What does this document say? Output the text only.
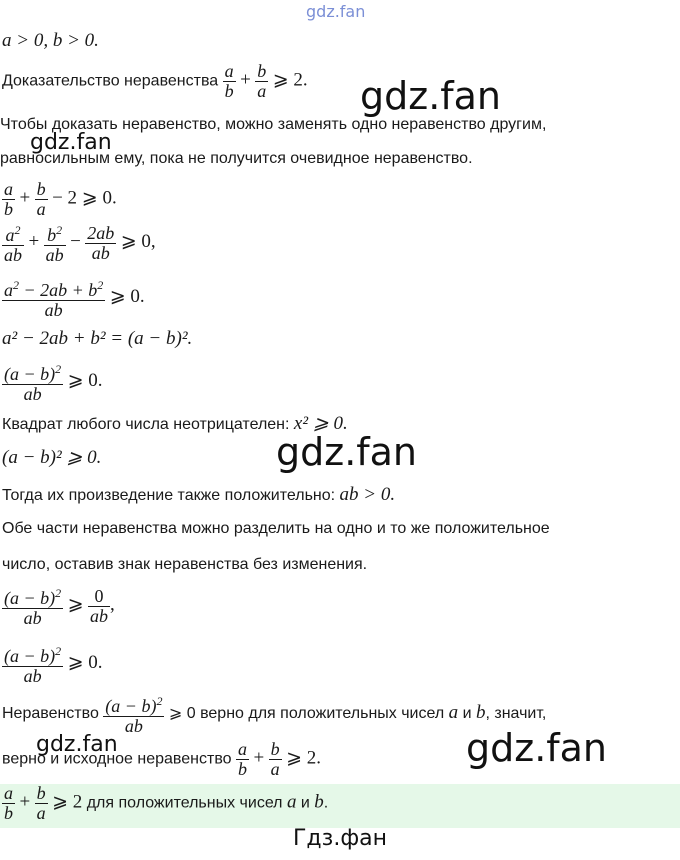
gdz.fan
a > 0, b > 0.
Доказательство неравенства $\frac{a}{b} + \frac{b}{a}$ ⩾ 2. gdz.fan
Чтобы доказать неравенство, можно заменять одно неравенство другим,
gdz.fan
равносильным ему, пока не получится очевидное неравенство.
$\frac{a}{b} + \frac{b}{a} - 2$ ⩾ 0.
$\frac{a^2}{ab} + \frac{b^2}{ab} - \frac{2ab}{ab}$ ⩾ 0,
$\frac{a^2 - 2ab + b^2}{ab}$ ⩾ 0.
a² − 2ab + b² = (a − b)².
$\frac{(a - b)^2}{ab}$ ⩾ 0.
Квадрат любого числа неотрицателен: x² ⩾ 0.
gdz.fan
(a − b)² ⩾ 0.
Тогда их произведение также положительно: ab > 0.
Обе части неравенства можно разделить на одно и то же положительное
число, оставив знак неравенства без изменения.
$\frac{(a - b)^2}{ab}$ ⩾ $\frac{0}{ab}$ ,
$\frac{(a - b)^2}{ab}$ ⩾ 0.
Неравенство $\frac{(a - b)^2}{ab}$ ⩾ 0 верно для положительных чисел a и b, значит,
gdz.fan	gdz.fan
верно и исходное неравенство $\frac{a}{b} + \frac{b}{a}$ ⩾ 2.
$\frac{a}{b} + \frac{b}{a}$ ⩾ 2 для положительных чисел a и b.
Гдз.фан
